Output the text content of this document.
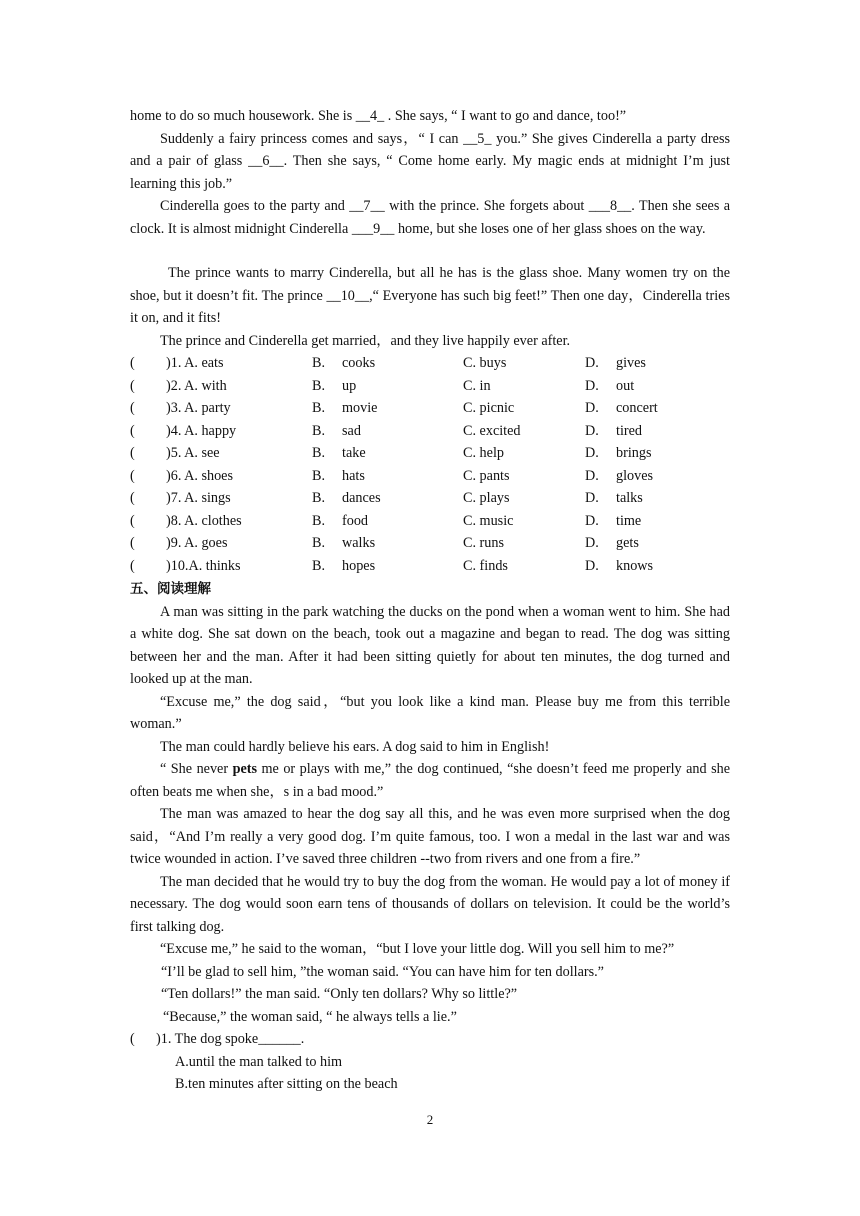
home to do so much housework. She is __4_ . She says, “ I want to go and dance, too!”
Suddenly a fairy princess comes and says，“ I can __5_ you.” She gives Cinderella a party dress and a pair of glass __6__. Then she says, “ Come home early. My magic ends at midnight I’m just learning this job.”
Cinderella goes to the party and __7__ with the prince. She forgets about ___8__. Then she sees a clock. It is almost midnight Cinderella ___9__ home, but she loses one of her glass shoes on the way.
The prince wants to marry Cinderella, but all he has is the glass shoe. Many women try on the shoe, but it doesn’t fit. The prince __10__,“ Everyone has such big feet!” Then one day，Cinderella tries it on, and it fits!
The prince and Cinderella get married，and they live happily ever after.
( )1. A. eats	B. cooks	C. buys	D. gives
( )2. A. with	B. up	C. in	D. out
( )3. A. party	B. movie	C. picnic	D. concert
( )4. A. happy	B. sad	C. excited	D. tired
( )5. A. see	B. take	C. help	D. brings
( )6. A. shoes	B. hats	C. pants	D. gloves
( )7. A. sings	B. dances	C. plays	D. talks
( )8. A. clothes	B. food	C. music	D. time
( )9. A. goes	B. walks	C. runs	D. gets
( )10.A. thinks	B. hopes	C. finds	D. knows
五、阅读理解
A man was sitting in the park watching the ducks on the pond when a woman went to him. She had a white dog. She sat down on the beach, took out a magazine and began to read. The dog was sitting between her and the man. After it had been sitting quietly for about ten minutes, the dog turned and looked up at the man.
“Excuse me,” the dog said，“but you look like a kind man. Please buy me from this terrible woman.”
The man could hardly believe his ears. A dog said to him in English!
“ She never pets me or plays with me,” the dog continued, “she doesn’t feed me properly and she often beats me when she，s in a bad mood.”
The man was amazed to hear the dog say all this, and he was even more surprised when the dog said，“And I’m really a very good dog. I’m quite famous, too. I won a medal in the last war and was twice wounded in action. I’ve saved three children --two from rivers and one from a fire.”
The man decided that he would try to buy the dog from the woman. He would pay a lot of money if necessary. The dog would soon earn tens of thousands of dollars on television. It could be the world’s first talking dog.
“Excuse me,” he said to the woman，“but I love your little dog. Will you sell him to me?”
“I’ll be glad to sell him, ”the woman said. “You can have him for ten dollars.”
“Ten dollars!” the man said. “Only ten dollars? Why so little?”
“Because,” the woman said, “ he always tells a lie.”
(      )1. The dog spoke______.
A.until the man talked to him
B.ten minutes after sitting on the beach
2
